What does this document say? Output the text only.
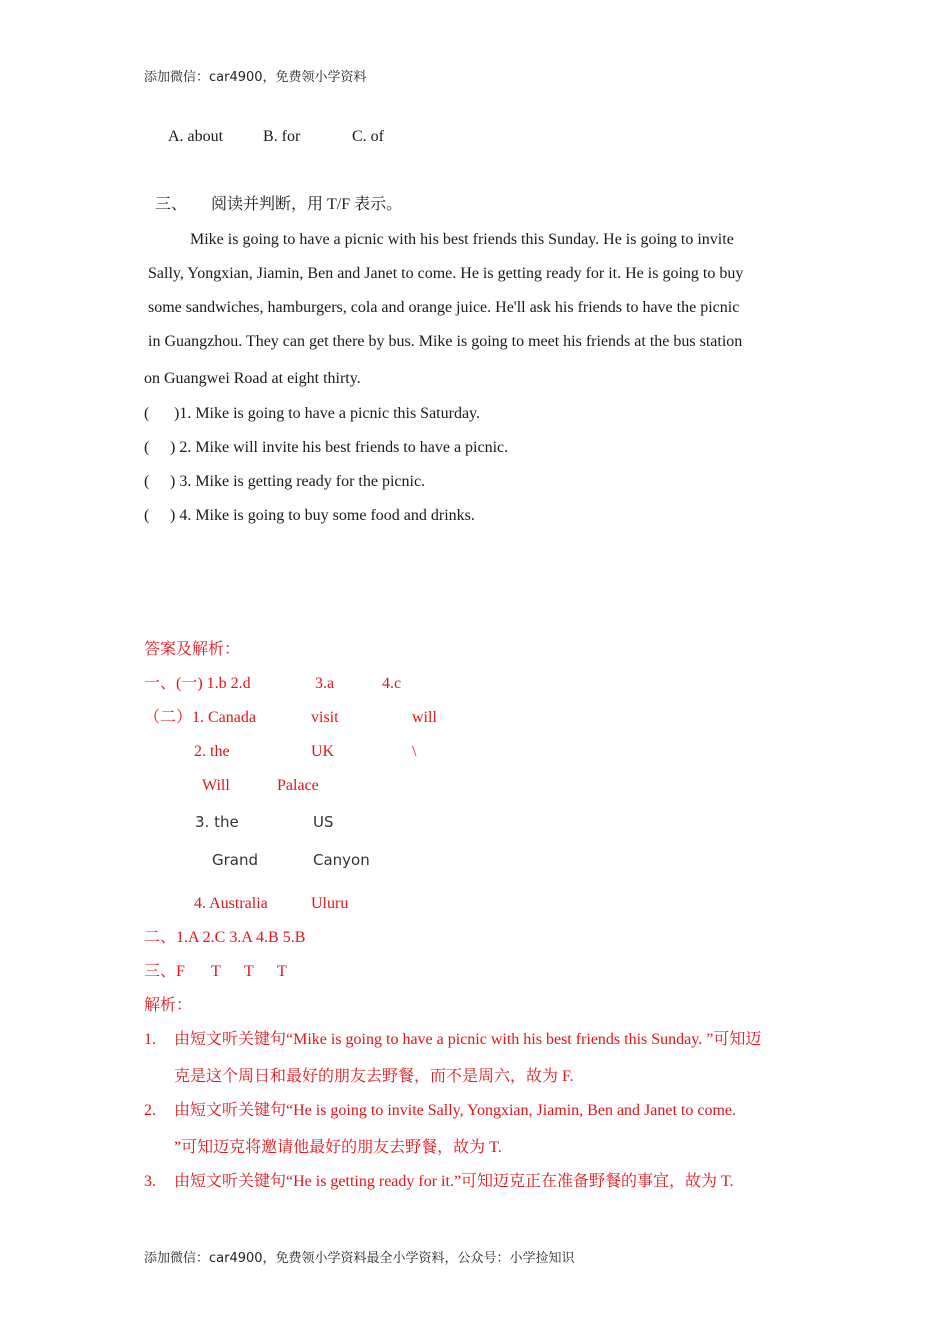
添加微信：car4900，免费领小学资料
A. about B. for	C. of
三、 阅读并判断，用 T/F 表示。
Mike is going to have a picnic with his best friends this Sunday. He is going to invite
Sally, Yongxian, Jiamin, Ben and Janet to come. He is getting ready for it. He is going to buy
some sandwiches, hamburgers, cola and orange juice. He'll ask his friends to have the picnic
in Guangzhou. They can get there by bus. Mike is going to meet his friends at the bus station
on Guangwei Road at eight thirty.
( )1. Mike is going to have a picnic this Saturday.
( ) 2. Mike will invite his best friends to have a picnic.
( ) 3. Mike is getting ready for the picnic.
( ) 4. Mike is going to buy some food and drinks.
答案及解析：
一、(一) 1.b 2.d	3.a	4.c
（二）1. Canada	visit	will
2. the	UK	\
Will	Palace
3. the	US
Grand	Canyon
4. Australia	Uluru
二、1.A 2.C 3.A 4.B 5.B
三、F T T T
解析：
1. 由短文听关键句“Mike is going to have a picnic with his best friends this Sunday. ”可知迈
克是这个周日和最好的朋友去野餐，而不是周六，故为 F.
2. 由短文听关键句“He is going to invite Sally, Yongxian, Jiamin, Ben and Janet to come.
”可知迈克将邀请他最好的朋友去野餐，故为 T.
3. 由短文听关键句“He is getting ready for it.”可知迈克正在准备野餐的事宜，故为 T.
添加微信：car4900，免费领小学资料最全小学资料，公众号：小学捡知识
